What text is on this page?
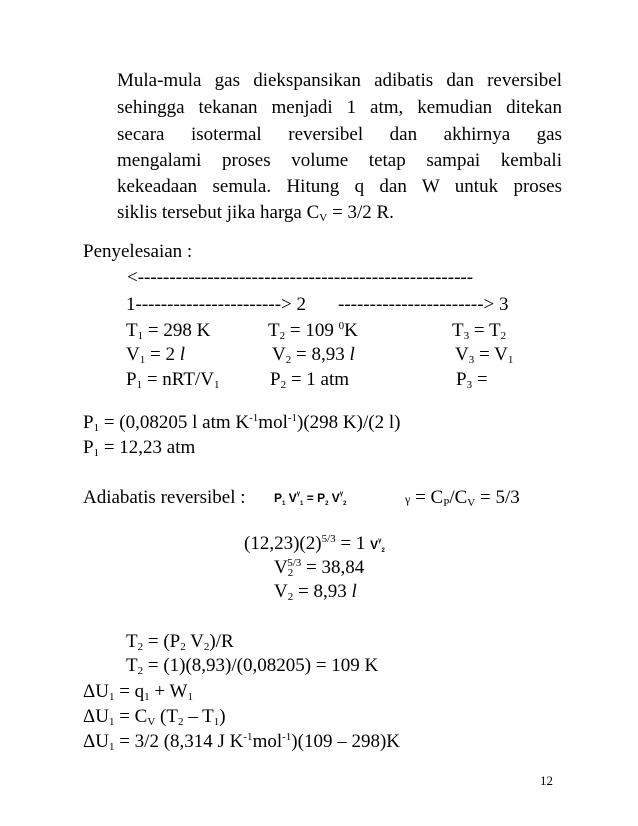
Mula-mula gas diekspansikan adibatis dan reversibel
sehingga tekanan menjadi 1 atm, kemudian ditekan
secara isotermal reversibel dan akhirnya gas
mengalami proses volume tetap sampai kembali
kekeadaan semula. Hitung q dan W untuk proses
siklis tersebut jika harga $C_V = 3/2$ R.
Penyelesaian :
<-----------------------------------------------------
1-----------------------> 2 -----------------------> 3
$T_1 = 298$ K	$T_2 = 109$ $^0$K	$T_3 = T_2$
$V_1 = 2$ l	$V_2 = 8,93$ l	$V_3 = V_1$
$P_1 = nRT/V_1$	$P_2 = 1$ atm	$P_3$ =
$P_1 = (0,08205$ l atm $K^{-1}mol^{-1})(298$ K)/(2 l)
$P_1 = 12,23$ atm
Adiabatis reversibel : $P_1$ $V^\gamma_1 = P_2$ $V^\gamma_2$	$\gamma = C_P/C_V = 5/3$
$(12,23)(2)^{5/3} = 1$ $V^\gamma_2$
$V_2^{5/3} = 38,84$
$V_2 = 8,93$ l
$T_2 = (P_2$ $V_2)/R$
$T_2 = (1)(8,93)/(0,08205) = 109$ K
$\Delta U_1 = q_1 + W_1$
$\Delta U_1 = C_V$ $(T_2 - T_1)$
$\Delta U_1 = 3/2$ (8,314 J $K^{-1}mol^{-1})(109 - 298)K$
12
